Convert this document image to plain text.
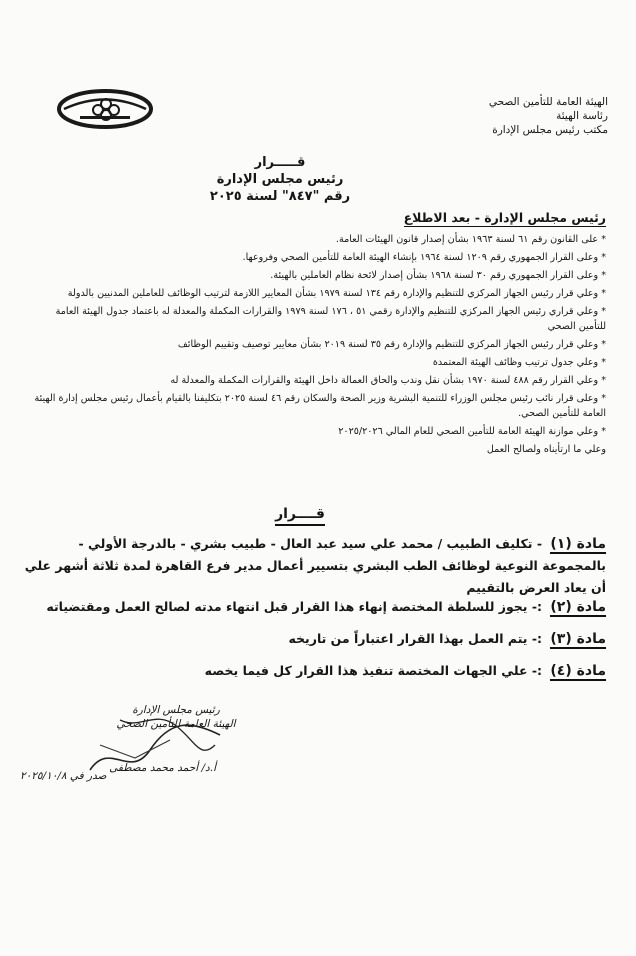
الهيئة العامة للتأمين الصحي
رئاسة الهيئة
مكتب رئيس مجلس الإدارة
قـــــرار
رئيس مجلس الإدارة
رقم "٨٤٧" لسنة ٢٠٢٥
رئيس مجلس الإدارة - بعد الاطلاع
* على القانون رقم ٦١ لسنة ١٩٦٣ بشأن إصدار قانون الهيئات العامة.
* وعلى القرار الجمهوري رقم ١٢٠٩ لسنة ١٩٦٤ بإنشاء الهيئة العامة للتأمين الصحي وفروعها.
* وعلى القرار الجمهوري رقم ٣٠ لسنة ١٩٦٨ بشأن إصدار لائحة نظام العاملين بالهيئة.
* وعلي قرار رئيس الجهاز المركزي للتنظيم والإدارة رقم ١٣٤ لسنة ١٩٧٩ بشأن المعايير اللازمة لترتيب الوظائف للعاملين المدنيين بالدولة
* وعلي قراري رئيس الجهاز المركزي للتنظيم والإدارة رقمي ٥١ ، ١٧٦ لسنة ١٩٧٩ والقرارات المكملة والمعدلة له باعتماد جدول الهيئة العامة للتأمين الصحي
* وعلي قرار رئيس الجهاز المركزي للتنظيم والإدارة رقم ٣٥ لسنة ٢٠١٩ بشأن معايير توصيف وتقييم الوظائف
* وعلي جدول ترتيب وظائف الهيئة المعتمدة
* وعلي القرار رقم ٤٨٨ لسنة ١٩٧٠ بشأن نقل وندب والحاق العمالة داخل الهيئة والقرارات المكملة والمعدلة له
* وعلى قرار نائب رئيس مجلس الوزراء للتنمية البشرية وزير الصحة والسكان رقم ٤٦ لسنة ٢٠٢٥ بتكليفنا بالقيام بأعمال رئيس مجلس إدارة الهيئة العامة للتأمين الصحي.
* وعلي موازنة الهيئة العامة للتأمين الصحي للعام المالي ٢٠٢٥/٢٠٢٦
وعلي ما ارتأيناه ولصالح العمل
قــــرار
مادة (١) - تكليف الطبيب / محمد علي سيد عبد العال - طبيب بشري - بالدرجة الأولي - بالمجموعة النوعية لوظائف الطب البشري بتسيير أعمال مدير فرع القاهرة لمدة ثلاثة أشهر علي أن يعاد العرض بالتقييم
مادة (٢) :- يجوز للسلطة المختصة إنهاء هذا القرار قبل انتهاء مدته لصالح العمل ومقتضياته
مادة (٣) :- يتم العمل بهذا القرار اعتباراً من تاريخه
مادة (٤) :- علي الجهات المختصة تنفيذ هذا القرار كل فيما يخصه
رئيس مجلس الإدارة
الهيئة العامة للتأمين الصحي
أ.د/ أحمد محمد مصطفى
صدر في ٢٠٢٥/١٠/٨
